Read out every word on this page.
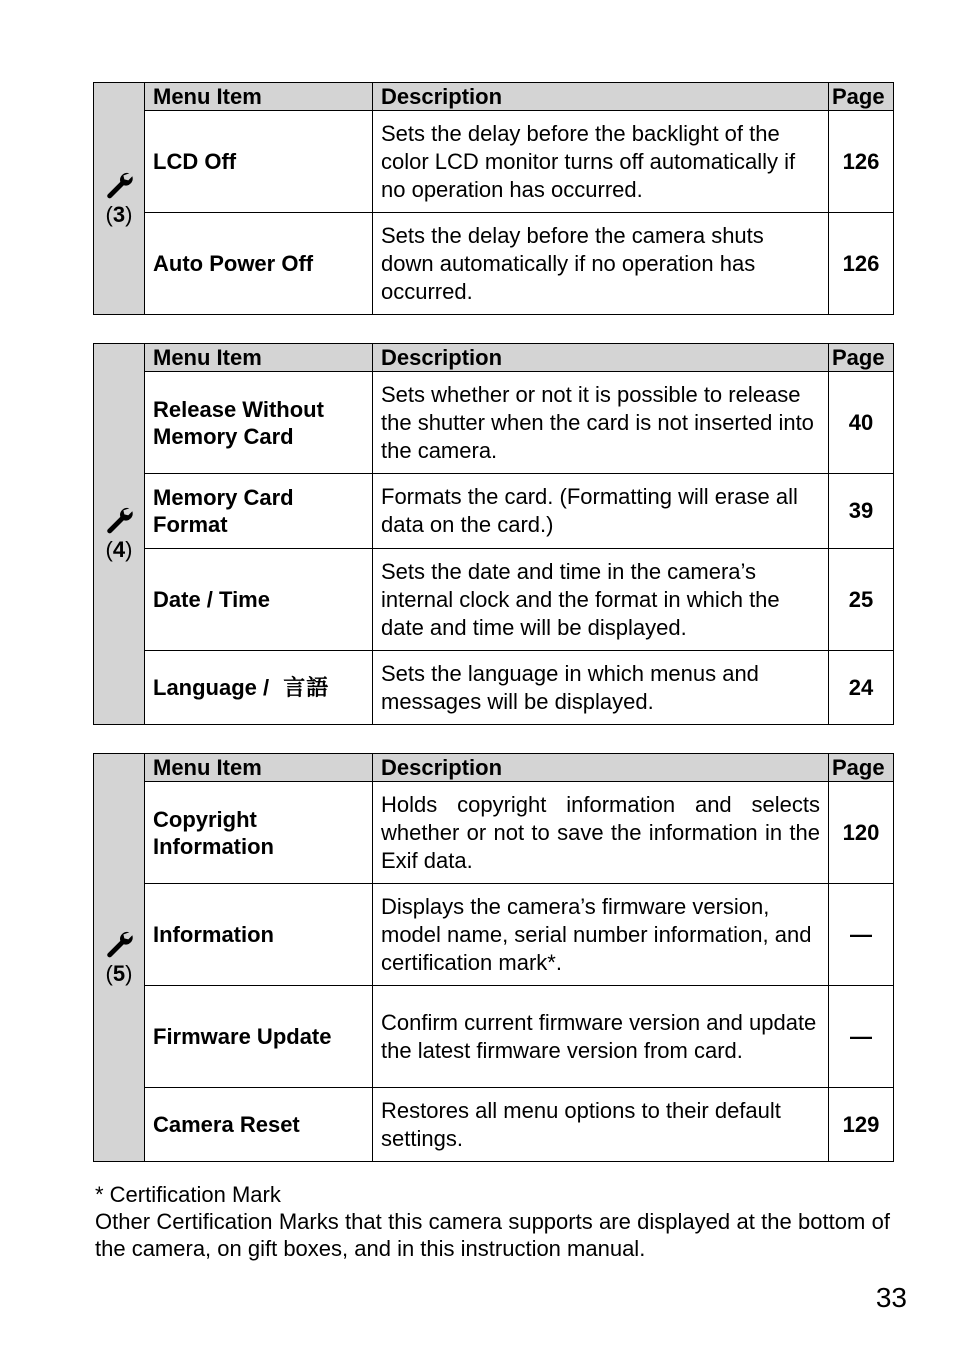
(3)	Menu Item	Description	Page
	LCD Off	Sets the delay before the backlight of the color LCD monitor turns off automatically if no operation has occurred.	126
	Auto Power Off	Sets the delay before the camera shuts down automatically if no operation has occurred.	126
(4)	Menu Item	Description	Page
	Release Without Memory Card	Sets whether or not it is possible to release the shutter when the card is not inserted into the camera.	40
	Memory Card Format	Formats the card. (Formatting will erase all data on the card.)	39
	Date / Time	Sets the date and time in the camera’s internal clock and the format in which the date and time will be displayed.	25
	Language / 言語	Sets the language in which menus and messages will be displayed.	24
(5)	Menu Item	Description	Page
	Copyright Information	Holds copyright information and selects whether or not to save the information in the Exif data.	120
	Information	Displays the camera’s firmware version, model name, serial number information, and certification mark*.	—
	Firmware Update	Confirm current firmware version and update the latest firmware version from card.	—
	Camera Reset	Restores all menu options to their default settings.	129
* Certification Mark
Other Certification Marks that this camera supports are displayed at the bottom of the camera, on gift boxes, and in this instruction manual.
33
